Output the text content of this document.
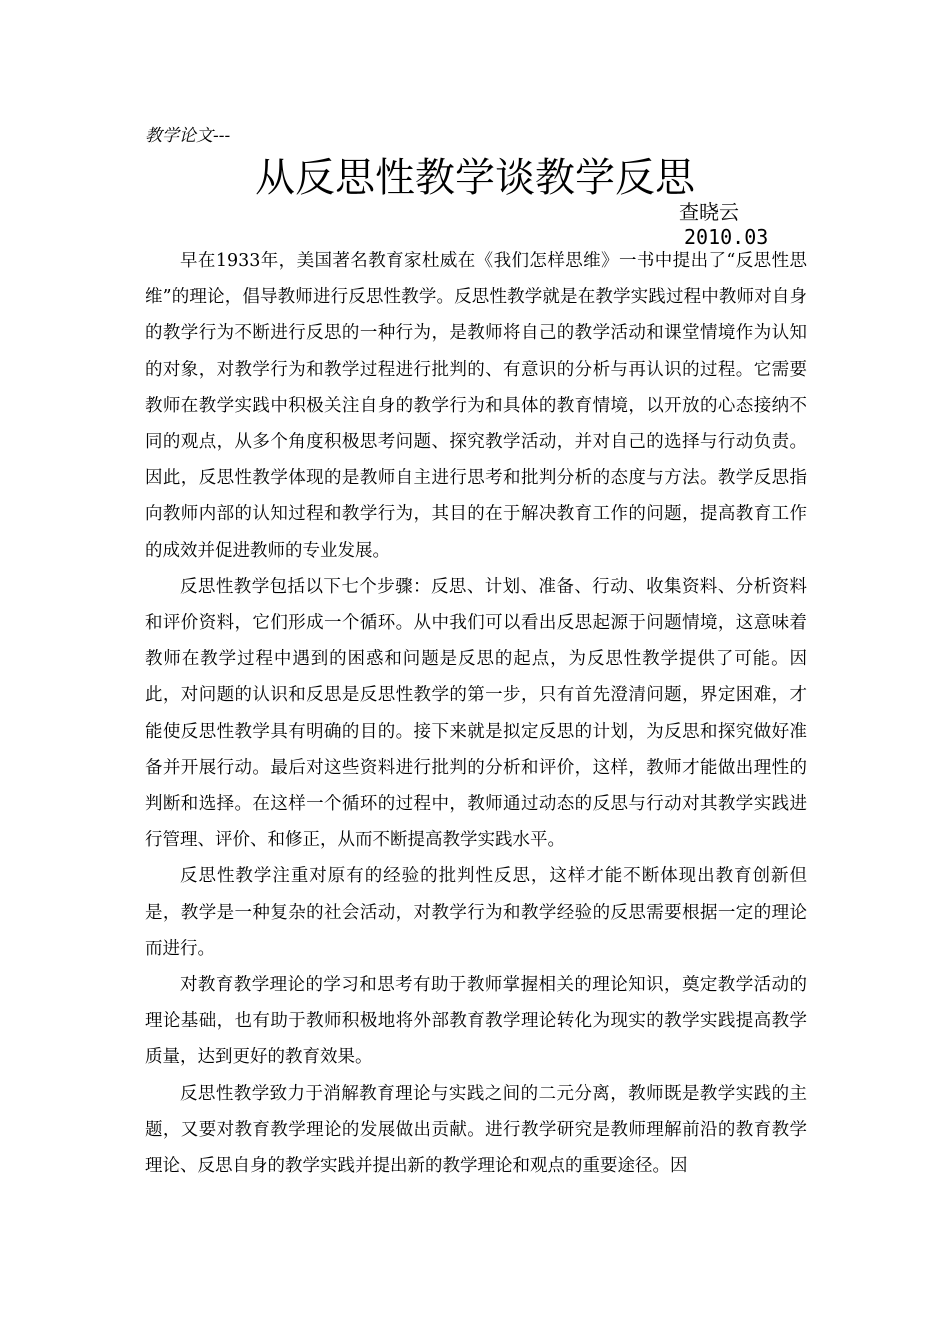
教学论文---
从反思性教学谈教学反思
查晓云
2010.03

早在1933年，美国著名教育家杜威在《我们怎样思维》一书中提出了“反思性思维”的理论，倡导教师进行反思性教学。反思性教学就是在教学实践过程中教师对自身的教学行为不断进行反思的一种行为，是教师将自己的教学活动和课堂情境作为认知的对象，对教学行为和教学过程进行批判的、有意识的分析与再认识的过程。它需要教师在教学实践中积极关注自身的教学行为和具体的教育情境，以开放的心态接纳不同的观点，从多个角度积极思考问题、探究教学活动，并对自己的选择与行动负责。因此，反思性教学体现的是教师自主进行思考和批判分析的态度与方法。教学反思指向教师内部的认知过程和教学行为，其目的在于解决教育工作的问题，提高教育工作的成效并促进教师的专业发展。

反思性教学包括以下七个步骤：反思、计划、准备、行动、收集资料、分析资料和评价资料，它们形成一个循环。从中我们可以看出反思起源于问题情境，这意味着教师在教学过程中遇到的困惑和问题是反思的起点，为反思性教学提供了可能。因此，对问题的认识和反思是反思性教学的第一步，只有首先澄清问题，界定困难，才能使反思性教学具有明确的目的。接下来就是拟定反思的计划，为反思和探究做好准备并开展行动。最后对这些资料进行批判的分析和评价，这样，教师才能做出理性的判断和选择。在这样一个循环的过程中，教师通过动态的反思与行动对其教学实践进行管理、评价、和修正，从而不断提高教学实践水平。

反思性教学注重对原有的经验的批判性反思，这样才能不断体现出教育创新但是，教学是一种复杂的社会活动，对教学行为和教学经验的反思需要根据一定的理论而进行。

对教育教学理论的学习和思考有助于教师掌握相关的理论知识，奠定教学活动的理论基础，也有助于教师积极地将外部教育教学理论转化为现实的教学实践提高教学质量，达到更好的教育效果。

反思性教学致力于消解教育理论与实践之间的二元分离，教师既是教学实践的主题，又要对教育教学理论的发展做出贡献。进行教学研究是教师理解前沿的教育教学理论、反思自身的教学实践并提出新的教学理论和观点的重要途径。因
